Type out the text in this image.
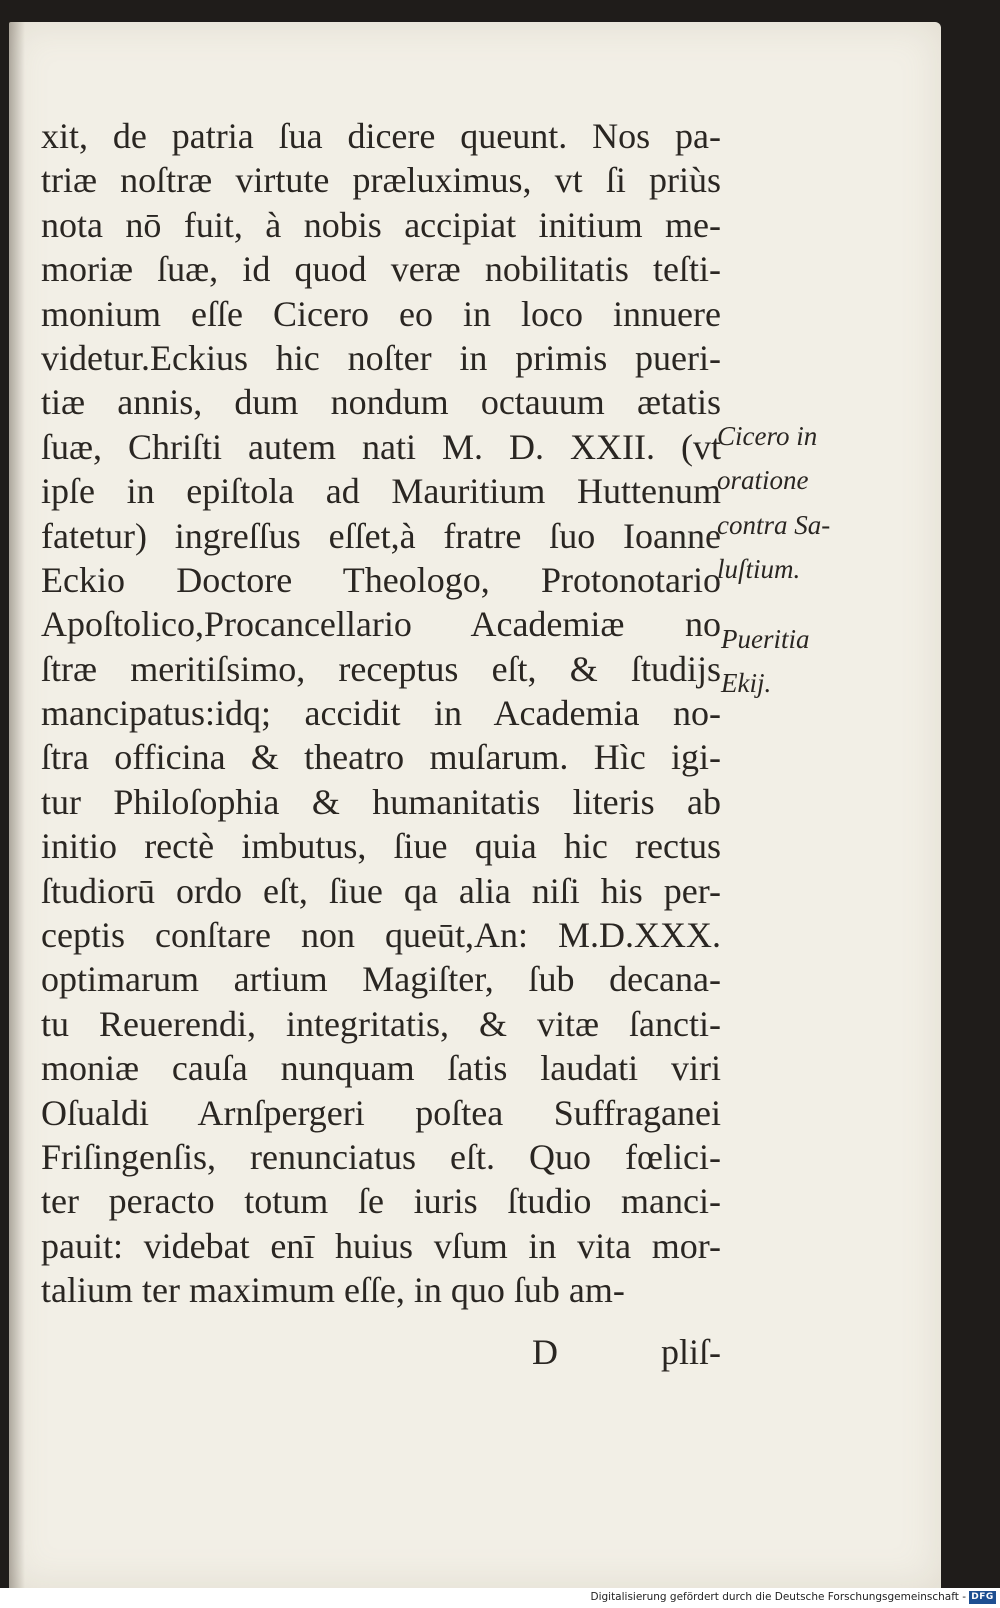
xit, de patria ſua dicere queunt. Nos pa-
triæ noſtræ virtute præluximus, vt ſi priùs
nota nō fuit, à nobis accipiat initium me-
moriæ ſuæ, id quod veræ nobilitatis teſti-
monium eſſe Cicero eo in loco innuere
videtur.Eckius hic noſter in primis pueri-
tiæ annis, dum nondum octauum ætatis
ſuæ, Chriſti autem nati M. D. XXII. (vt
ipſe in epiſtola ad Mauritium Huttenum
fatetur) ingreſſus eſſet,à fratre ſuo Ioanne
Eckio Doctore Theologo, Protonotario
Apoſtolico,Procancellario Academiæ no
ſtræ meritiſsimo, receptus eſt, & ſtudijs
mancipatus:idq; accidit in Academia no-
ſtra officina & theatro muſarum. Hìc igi-
tur Philoſophia & humanitatis literis ab
initio rectè imbutus, ſiue quia hic rectus
ſtudiorū ordo eſt, ſiue qa alia niſi his per-
ceptis conſtare non queūt,An: M.D.XXX.
optimarum artium Magiſter, ſub decana-
tu Reuerendi, integritatis, & vitæ ſancti-
moniæ cauſa nunquam ſatis laudati viri
Oſualdi Arnſpergeri poſtea Suffraganei
Friſingenſis, renunciatus eſt. Quo fœlici-
ter peracto totum ſe iuris ſtudio manci-
pauit: videbat enī huius vſum in vita mor-
talium ter maximum eſſe, in quo ſub am-
D	pliſ-
Cicero in
oratione
contra Sa-
luſtium.
Pueritia
Ekij.
Digitalisierung gefördert durch die Deutsche Forschungsgemeinschaft - DFG
